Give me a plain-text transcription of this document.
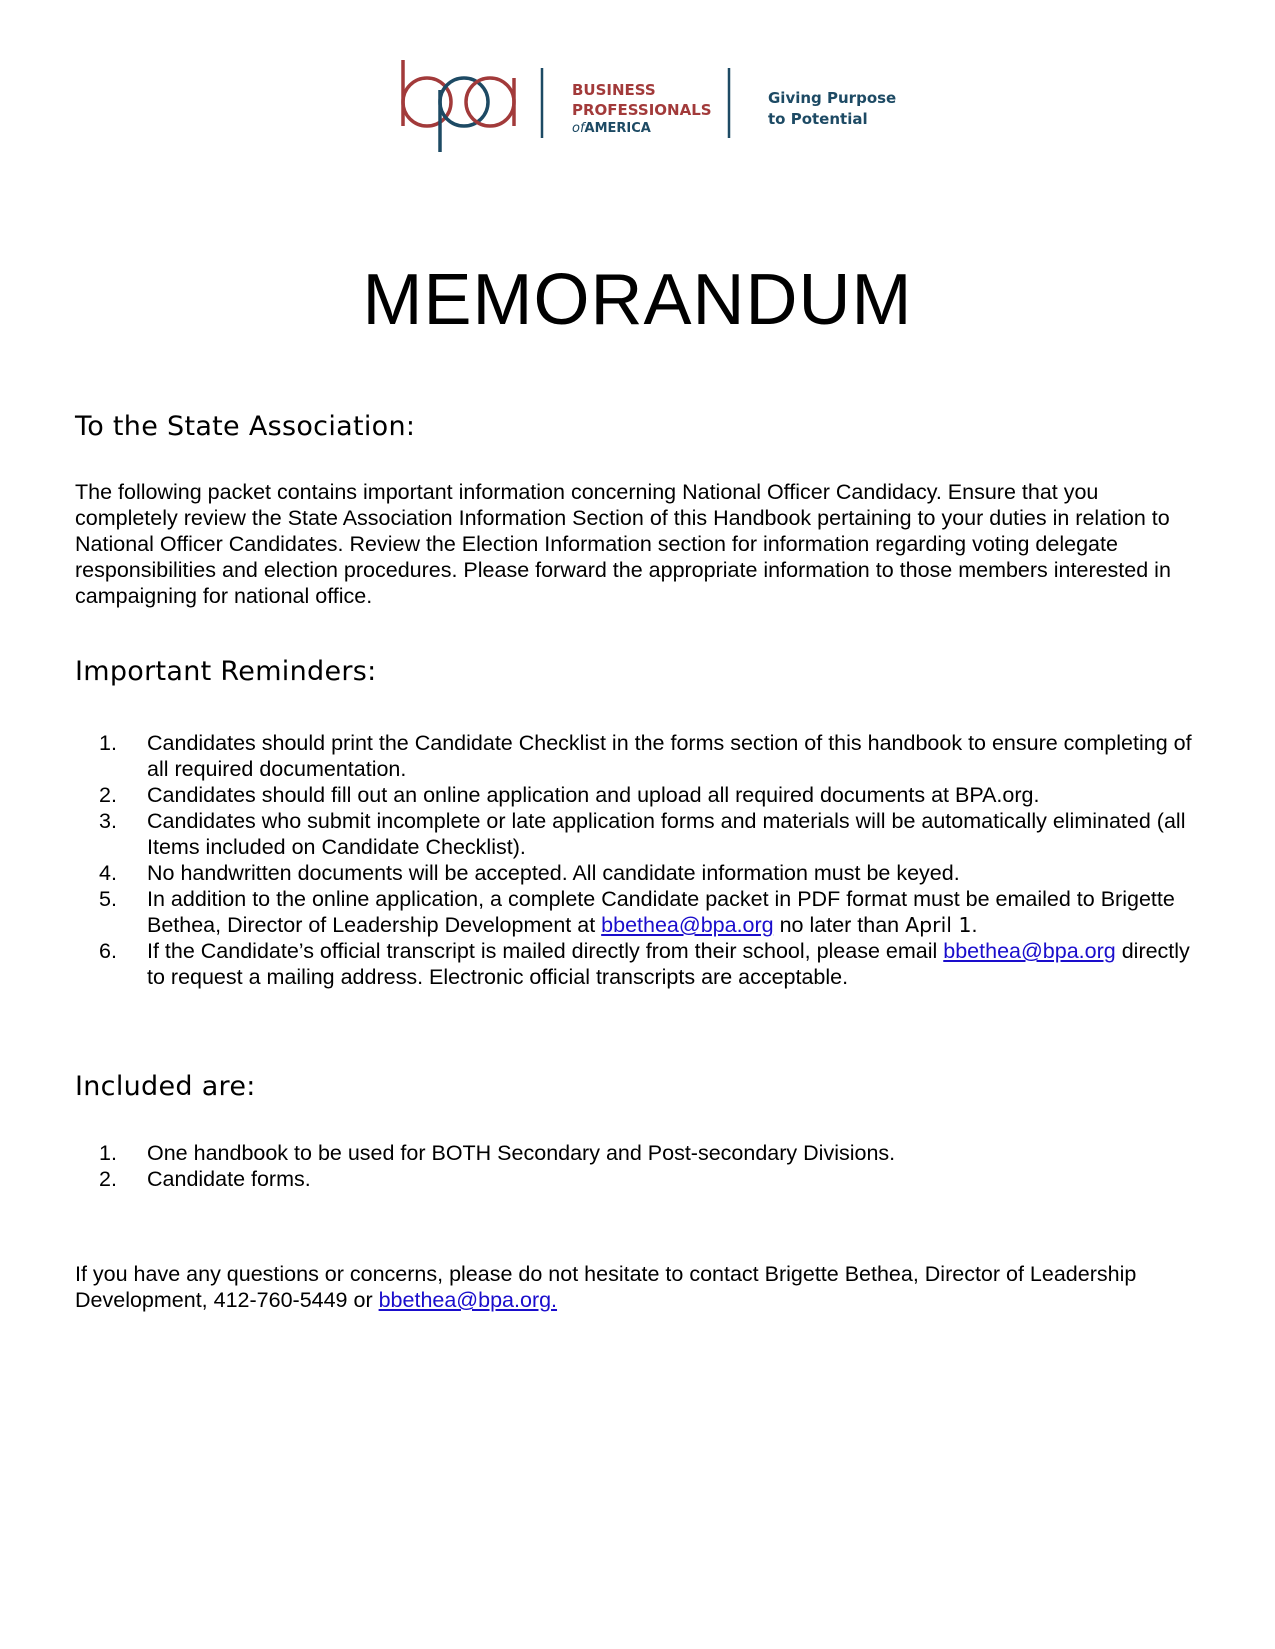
BUSINESS
PROFESSIONALS
ofAMERICA
Giving Purpose
to Potential
MEMORANDUM
To the State Association:

The following packet contains important information concerning National Officer Candidacy. Ensure that you completely review the State Association Information Section of this Handbook pertaining to your duties in relation to National Officer Candidates. Review the Election Information section for information regarding voting delegate responsibilities and election procedures. Please forward the appropriate information to those members interested in campaigning for national office.

Important Reminders:
1. Candidates should print the Candidate Checklist in the forms section of this handbook to ensure completing of all required documentation.
2. Candidates should fill out an online application and upload all required documents at BPA.org.
3. Candidates who submit incomplete or late application forms and materials will be automatically eliminated (all Items included on Candidate Checklist).
4. No handwritten documents will be accepted. All candidate information must be keyed.
5. In addition to the online application, a complete Candidate packet in PDF format must be emailed to Brigette Bethea, Director of Leadership Development at bbethea@bpa.org no later than April 1.
6. If the Candidate’s official transcript is mailed directly from their school, please email bbethea@bpa.org directly to request a mailing address. Electronic official transcripts are acceptable.
Included are:
1. One handbook to be used for BOTH Secondary and Post-secondary Divisions.
2. Candidate forms.

If you have any questions or concerns, please do not hesitate to contact Brigette Bethea, Director of Leadership Development, 412-760-5449 or bbethea@bpa.org.
